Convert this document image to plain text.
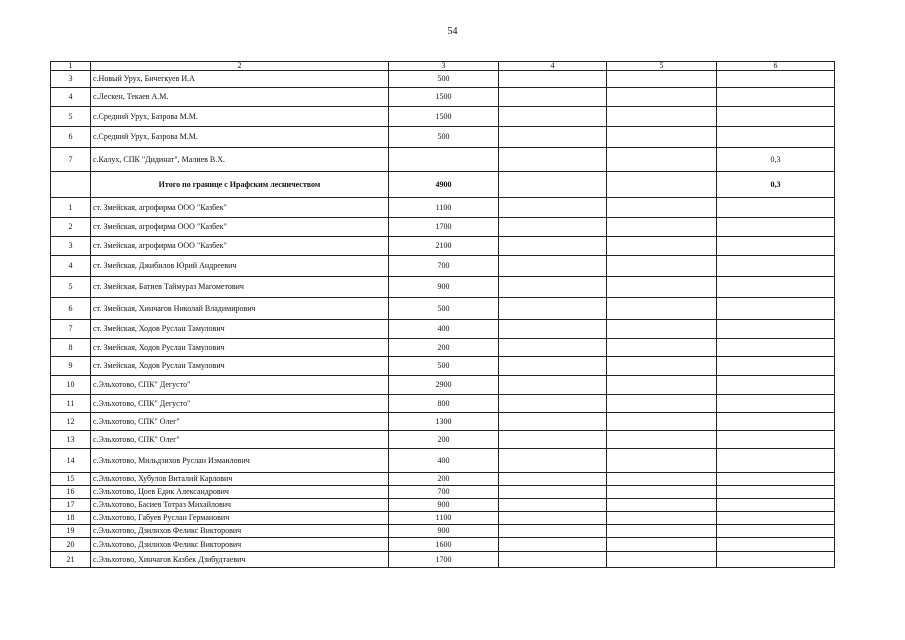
54
1	2	3	4	5	6
3	с.Новый Урух, Бичегкуев И.А	500			
4	с.Лескен, Текаев А.М.	1500			
5	с.Средний Урух, Базрова М.М.	1500			
6	с.Средний Урух, Базрова М.М.	500			
7	с.Калух, СПК "Дидинат", Малиев В.Х.				0,3
	Итого по границе с Ирафским лесничеством	4900			0,3
1	ст. Змейская, агрофирма ООО "Казбек"	1100			
2	ст. Змейская, агрофирма ООО "Казбек"	1700			
3	ст. Змейская, агрофирма ООО "Казбек"	2100			
4	ст. Змейская, Джибилов Юрий Андреевич	700			
5	ст. Змейская, Батиев Таймураз Магометович	900			
6	ст. Змейская, Хинчагов Николай Владимирович	500			
7	ст. Змейская, Ходов Руслан Тамулович	400			
8	ст. Змейская, Ходов Руслан Тамулович	200			
9	ст. Змейская, Ходов Руслан Тамулович	500			
10	с.Эльхотово, СПК" Дегусто"	2900			
11	с.Эльхотово, СПК" Дегусто"	800			
12	с.Эльхотово, СПК" Олег"	1300			
13	с.Эльхотово, СПК" Олег"	200			
14	с.Эльхотово, Мильдзихов Руслан Измаилович	400			
15	с.Эльхотово, Хубулов Виталий Карлович	200			
16	с.Эльхотово, Цоев Едик Александрович	700			
17	с.Эльхотово, Басиев Тотраз Михайлович	900			
18	с.Эльхотово, Габуев Руслан Германович	1100			
19	с.Эльхотово, Дзилихов Феликс Викторович	900			
20	с.Эльхотово, Дзилихов Феликс Викторович	1600			
21	с.Эльхотово, Хинчагов Казбек Дзибудтаевич	1700			
